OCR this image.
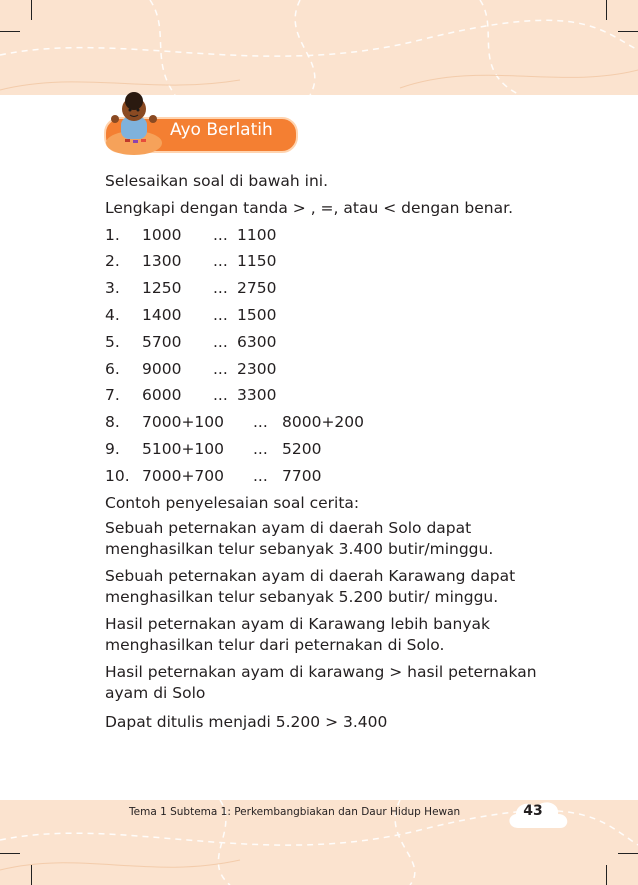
Ayo Berlatih
Selesaikan soal di bawah ini.
Lengkapi dengan tanda > , =, atau < dengan benar.
1. 1000 ... 1100
2. 1300 ... 1150
3. 1250 ... 2750
4. 1400 ... 1500
5. 5700 ... 6300
6. 9000 ... 2300
7. 6000 ... 3300
8. 7000+100 ... 8000+200
9. 5100+100 ... 5200
10. 7000+700 ... 7700
Contoh penyelesaian soal cerita:
Sebuah peternakan ayam di daerah Solo dapat menghasilkan telur sebanyak 3.400 butir/minggu.
Sebuah peternakan ayam di daerah Karawang dapat menghasilkan telur sebanyak 5.200 butir/ minggu.
Hasil peternakan ayam di Karawang lebih banyak menghasilkan telur dari peternakan di Solo.
Hasil peternakan ayam di karawang > hasil peternakan ayam di Solo
Dapat ditulis menjadi 5.200 > 3.400
Tema 1 Subtema 1: Perkembangbiakan dan Daur Hidup Hewan	43
